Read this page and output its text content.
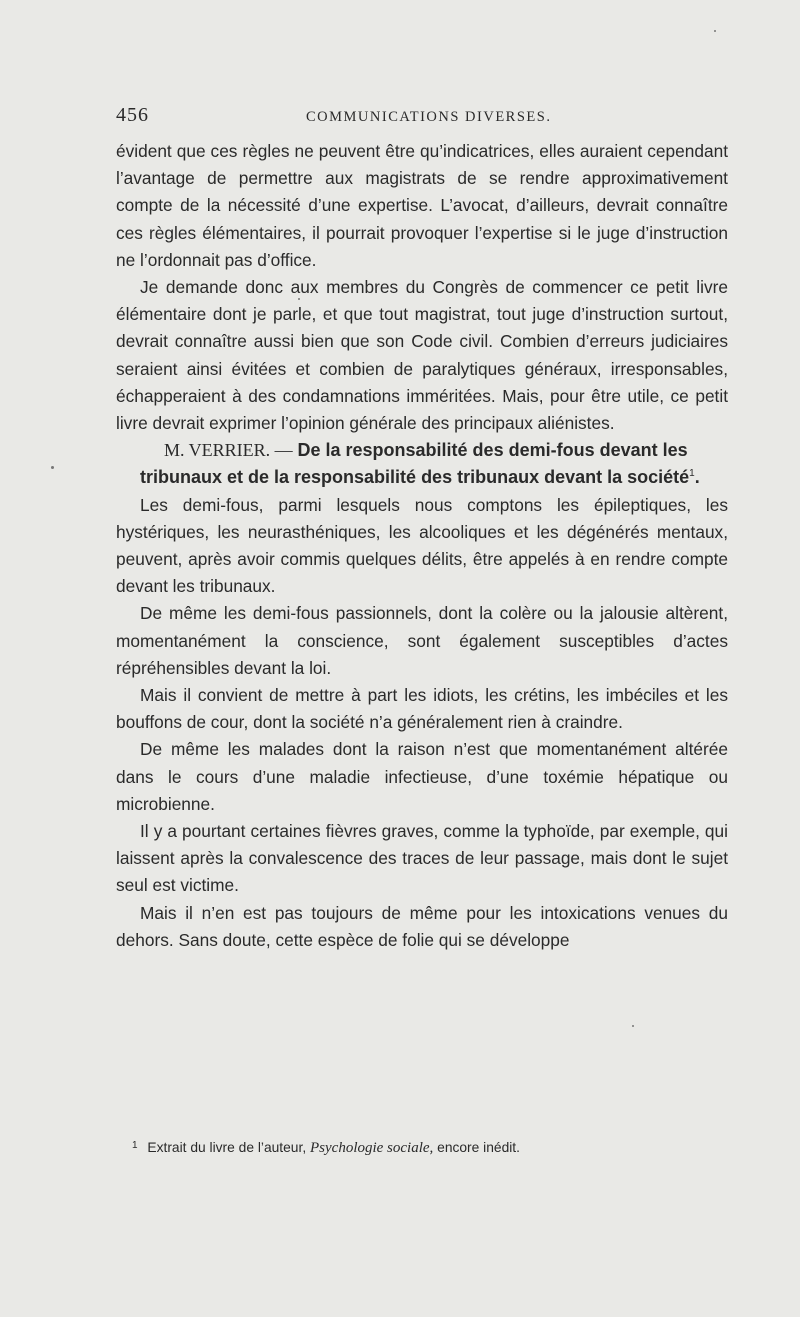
456	COMMUNICATIONS DIVERSES.

évident que ces règles ne peuvent être qu’indicatrices, elles auraient cependant l’avantage de permettre aux magistrats de se rendre approximativement compte de la nécessité d’une expertise. L’avocat, d’ailleurs, devrait connaître ces règles élémentaires, il pourrait provoquer l’expertise si le juge d’instruction ne l’ordonnait pas d’office.

Je demande donc aux membres du Congrès de commencer ce petit livre élémentaire dont je parle, et que tout magistrat, tout juge d’instruction surtout, devrait connaître aussi bien que son Code civil. Combien d’erreurs judiciaires seraient ainsi évitées et combien de paralytiques généraux, irresponsables, échapperaient à des condamnations imméritées. Mais, pour être utile, ce petit livre devrait exprimer l’opinion générale des principaux aliénistes.

M. VERRIER. — De la responsabilité des demi-fous devant les tribunaux et de la responsabilité des tribunaux devant la société$^1$.

Les demi-fous, parmi lesquels nous comptons les épileptiques, les hystériques, les neurasthéniques, les alcooliques et les dégénérés mentaux, peuvent, après avoir commis quelques délits, être appelés à en rendre compte devant les tribunaux.

De même les demi-fous passionnels, dont la colère ou la jalousie altèrent, momentanément la conscience, sont également susceptibles d’actes répréhensibles devant la loi.

Mais il convient de mettre à part les idiots, les crétins, les imbéciles et les bouffons de cour, dont la société n’a généralement rien à craindre.

De même les malades dont la raison n’est que momentanément altérée dans le cours d’une maladie infectieuse, d’une toxémie hépatique ou microbienne.

Il y a pourtant certaines fièvres graves, comme la typhoïde, par exemple, qui laissent après la convalescence des traces de leur passage, mais dont le sujet seul est victime.

Mais il n’en est pas toujours de même pour les intoxications venues du dehors. Sans doute, cette espèce de folie qui se développe

$^1$ Extrait du livre de l’auteur, Psychologie sociale, encore inédit.
